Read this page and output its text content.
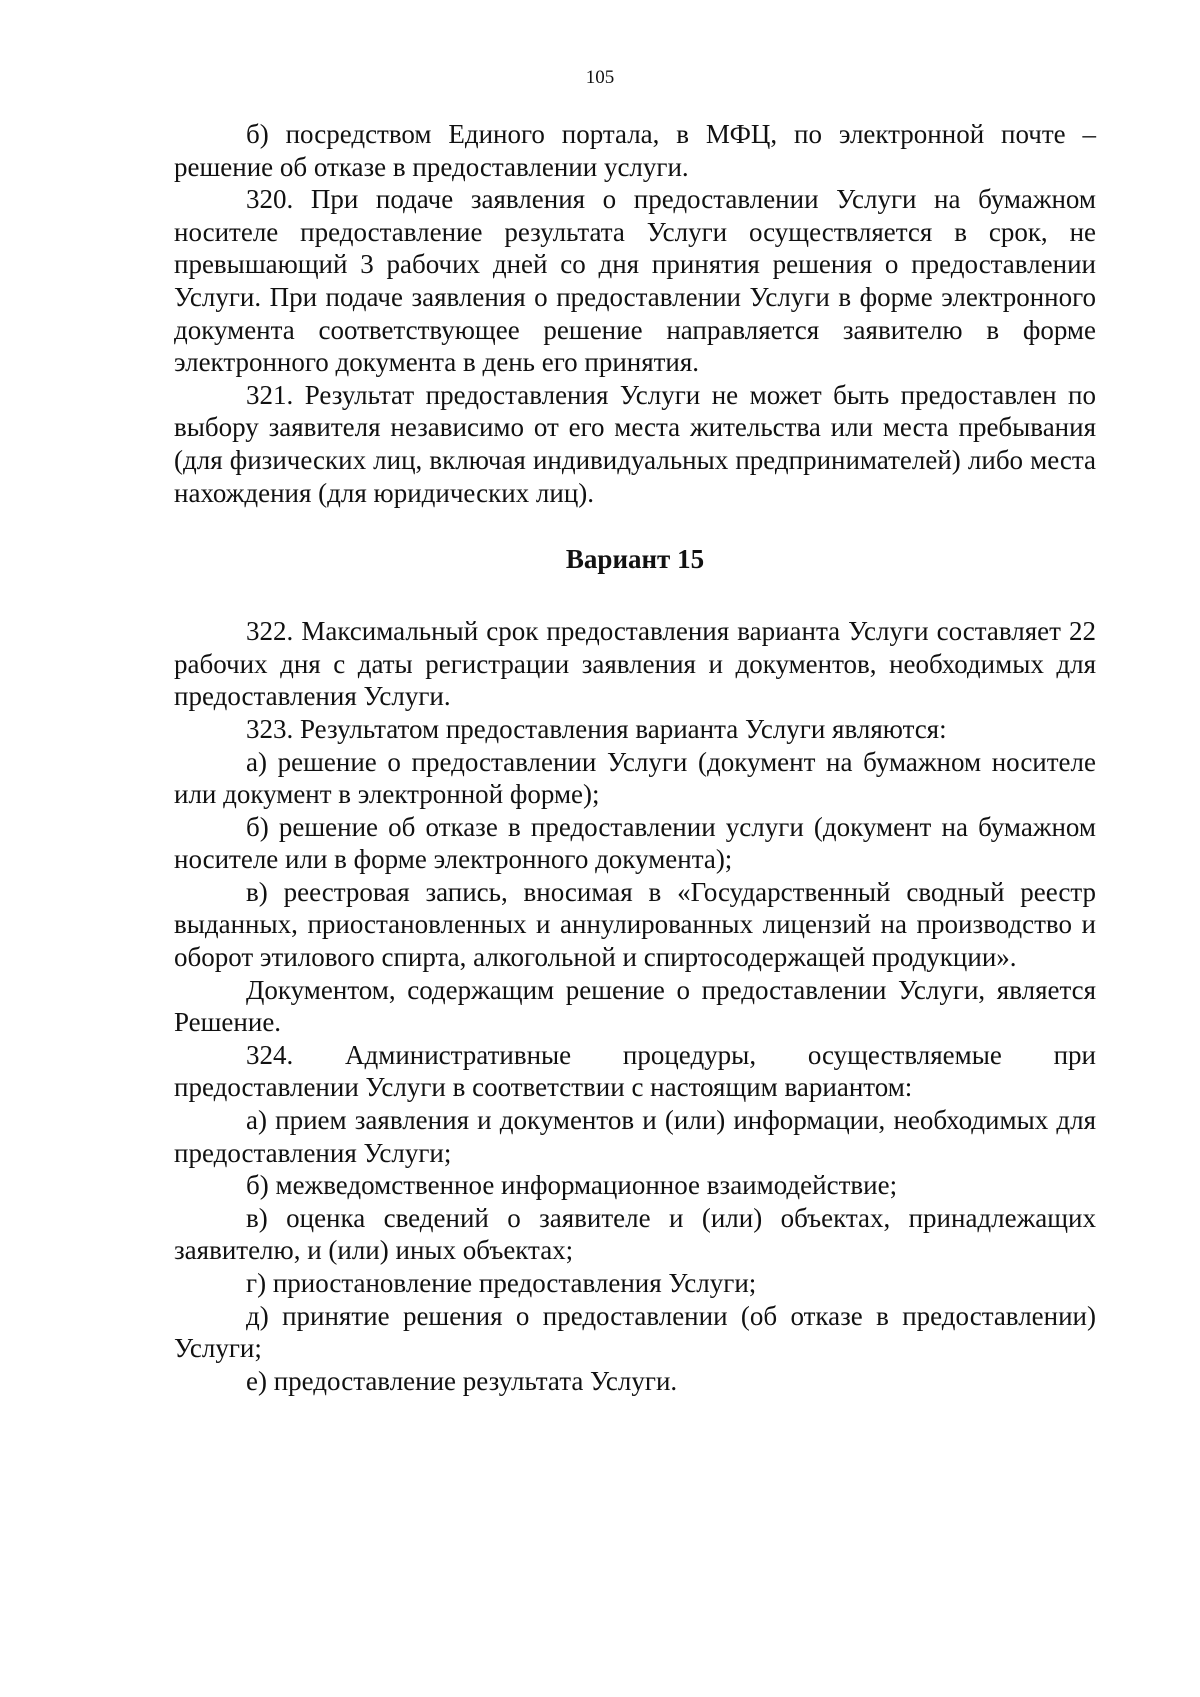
105

б) посредством Единого портала, в МФЦ, по электронной почте – решение об отказе в предоставлении услуги.

320. При подаче заявления о предоставлении Услуги на бумажном носителе предоставление результата Услуги осуществляется в срок, не превышающий 3 рабочих дней со дня принятия решения о предоставлении Услуги. При подаче заявления о предоставлении Услуги в форме электронного документа соответствующее решение направляется заявителю в форме электронного документа в день его принятия.

321. Результат предоставления Услуги не может быть предоставлен по выбору заявителя независимо от его места жительства или места пребывания (для физических лиц, включая индивидуальных предпринимателей) либо места нахождения (для юридических лиц).

Вариант 15

322. Максимальный срок предоставления варианта Услуги составляет 22 рабочих дня с даты регистрации заявления и документов, необходимых для предоставления Услуги.

323. Результатом предоставления варианта Услуги являются:

а) решение о предоставлении Услуги (документ на бумажном носителе или документ в электронной форме);

б) решение об отказе в предоставлении услуги (документ на бумажном носителе или в форме электронного документа);

в) реестровая запись, вносимая в «Государственный сводный реестр выданных, приостановленных и аннулированных лицензий на производство и оборот этилового спирта, алкогольной и спиртосодержащей продукции».

Документом, содержащим решение о предоставлении Услуги, является Решение.

324. Административные процедуры, осуществляемые при предоставлении Услуги в соответствии с настоящим вариантом:

а) прием заявления и документов и (или) информации, необходимых для предоставления Услуги;

б) межведомственное информационное взаимодействие;

в) оценка сведений о заявителе и (или) объектах, принадлежащих заявителю, и (или) иных объектах;

г) приостановление предоставления Услуги;

д) принятие решения о предоставлении (об отказе в предоставлении) Услуги;

е) предоставление результата Услуги.
